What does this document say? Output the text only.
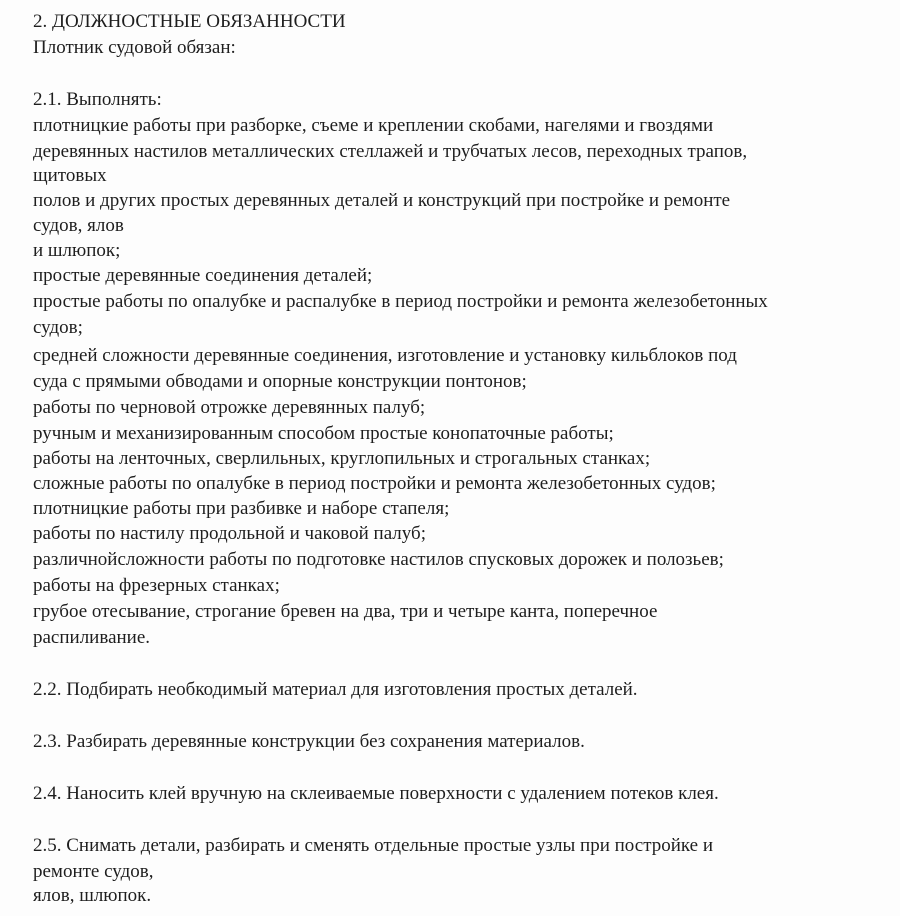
2. ДОЛЖНОСТНЫЕ ОБЯЗАННОСТИ
Плотник судовой обязан:
2.1. Выполнять:
плотницкие работы при разборке, съеме и креплении скобами, нагелями и гвоздями
деревянных настилов металлических стеллажей и трубчатых лесов, переходных трапов,
щитовых
полов и других простых деревянных деталей и конструкций при постройке и ремонте
судов, ялов
и шлюпок;
простые деревянные соединения деталей;
простые работы по опалубке и распалубке в период постройки и ремонта железобетонных
судов;
средней сложности деревянные соединения, изготовление и установку кильблоков под
суда с прямыми обводами и опорные конструкции понтонов;
работы по черновой отрожке деревянных палуб;
ручным и механизированным способом простые конопаточные работы;
работы на ленточных, сверлильных, круглопильных и строгальных станках;
сложные работы по опалубке в период постройки и ремонта железобетонных судов;
плотницкие работы при разбивке и наборе стапеля;
работы по настилу продольной и чаковой палуб;
различнойсложности работы по подготовке настилов спусковых дорожек и полозьев;
работы на фрезерных станках;
грубое отесывание, строгание бревен на два, три и четыре канта, поперечное
распиливание.
2.2. Подбирать необкодимый материал для изготовления простых деталей.
2.3. Разбирать деревянные конструкции без сохранения материалов.
2.4. Наносить клей вручную на склеиваемые поверхности с удалением потеков клея.
2.5. Снимать детали, разбирать и сменять отдельные простые узлы при постройке и
ремонте судов,
ялов, шлюпок.
